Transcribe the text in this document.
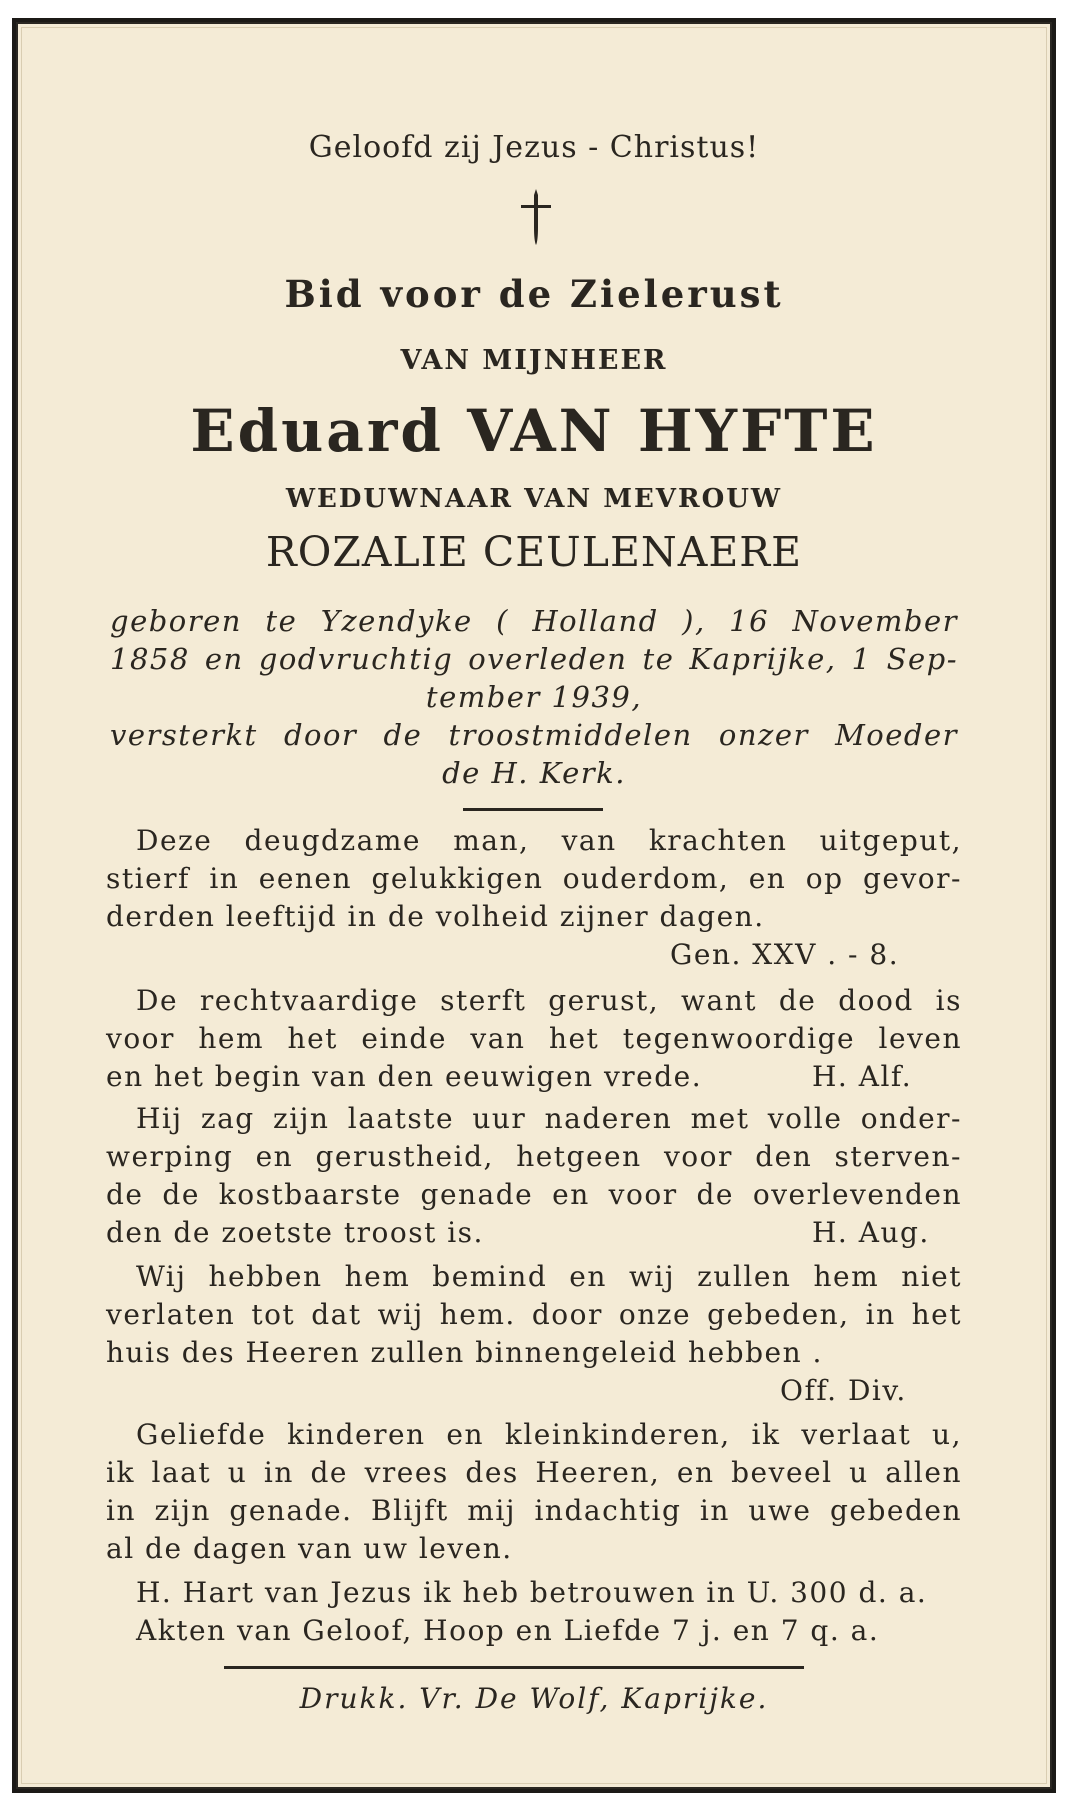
Geloofd zij Jezus - Christus!
Bid voor de Zielerust
VAN MIJNHEER
Eduard VAN HYFTE
WEDUWNAAR VAN MEVROUW
ROZALIE CEULENAERE
geboren te Yzendyke ( Holland ), 16 November
1858 en godvruchtig overleden te Kaprijke, 1 Sep-
tember 1939,
versterkt door de troostmiddelen onzer Moeder
de H. Kerk.
Deze deugdzame man, van krachten uitgeput,
stierf in eenen gelukkigen ouderdom, en op gevor-
derden leeftijd in de volheid zijner dagen.
Gen. XXV . - 8.
De rechtvaardige sterft gerust, want de dood is
voor hem het einde van het tegenwoordige leven
en het begin van den eeuwigen vrede.	H. Alf.
Hij zag zijn laatste uur naderen met volle onder-
werping en gerustheid, hetgeen voor den sterven-
de de kostbaarste genade en voor de overlevenden
den de zoetste troost is.	H. Aug.
Wij hebben hem bemind en wij zullen hem niet
verlaten tot dat wij hem. door onze gebeden, in het
huis des Heeren zullen binnengeleid hebben .
Off. Div.
Geliefde kinderen en kleinkinderen, ik verlaat u,
ik laat u in de vrees des Heeren, en beveel u allen
in zijn genade. Blijft mij indachtig in uwe gebeden
al de dagen van uw leven.
H. Hart van Jezus ik heb betrouwen in U. 300 d. a.
Akten van Geloof, Hoop en Liefde 7 j. en 7 q. a.
Drukk. Vr. De Wolf, Kaprijke.
